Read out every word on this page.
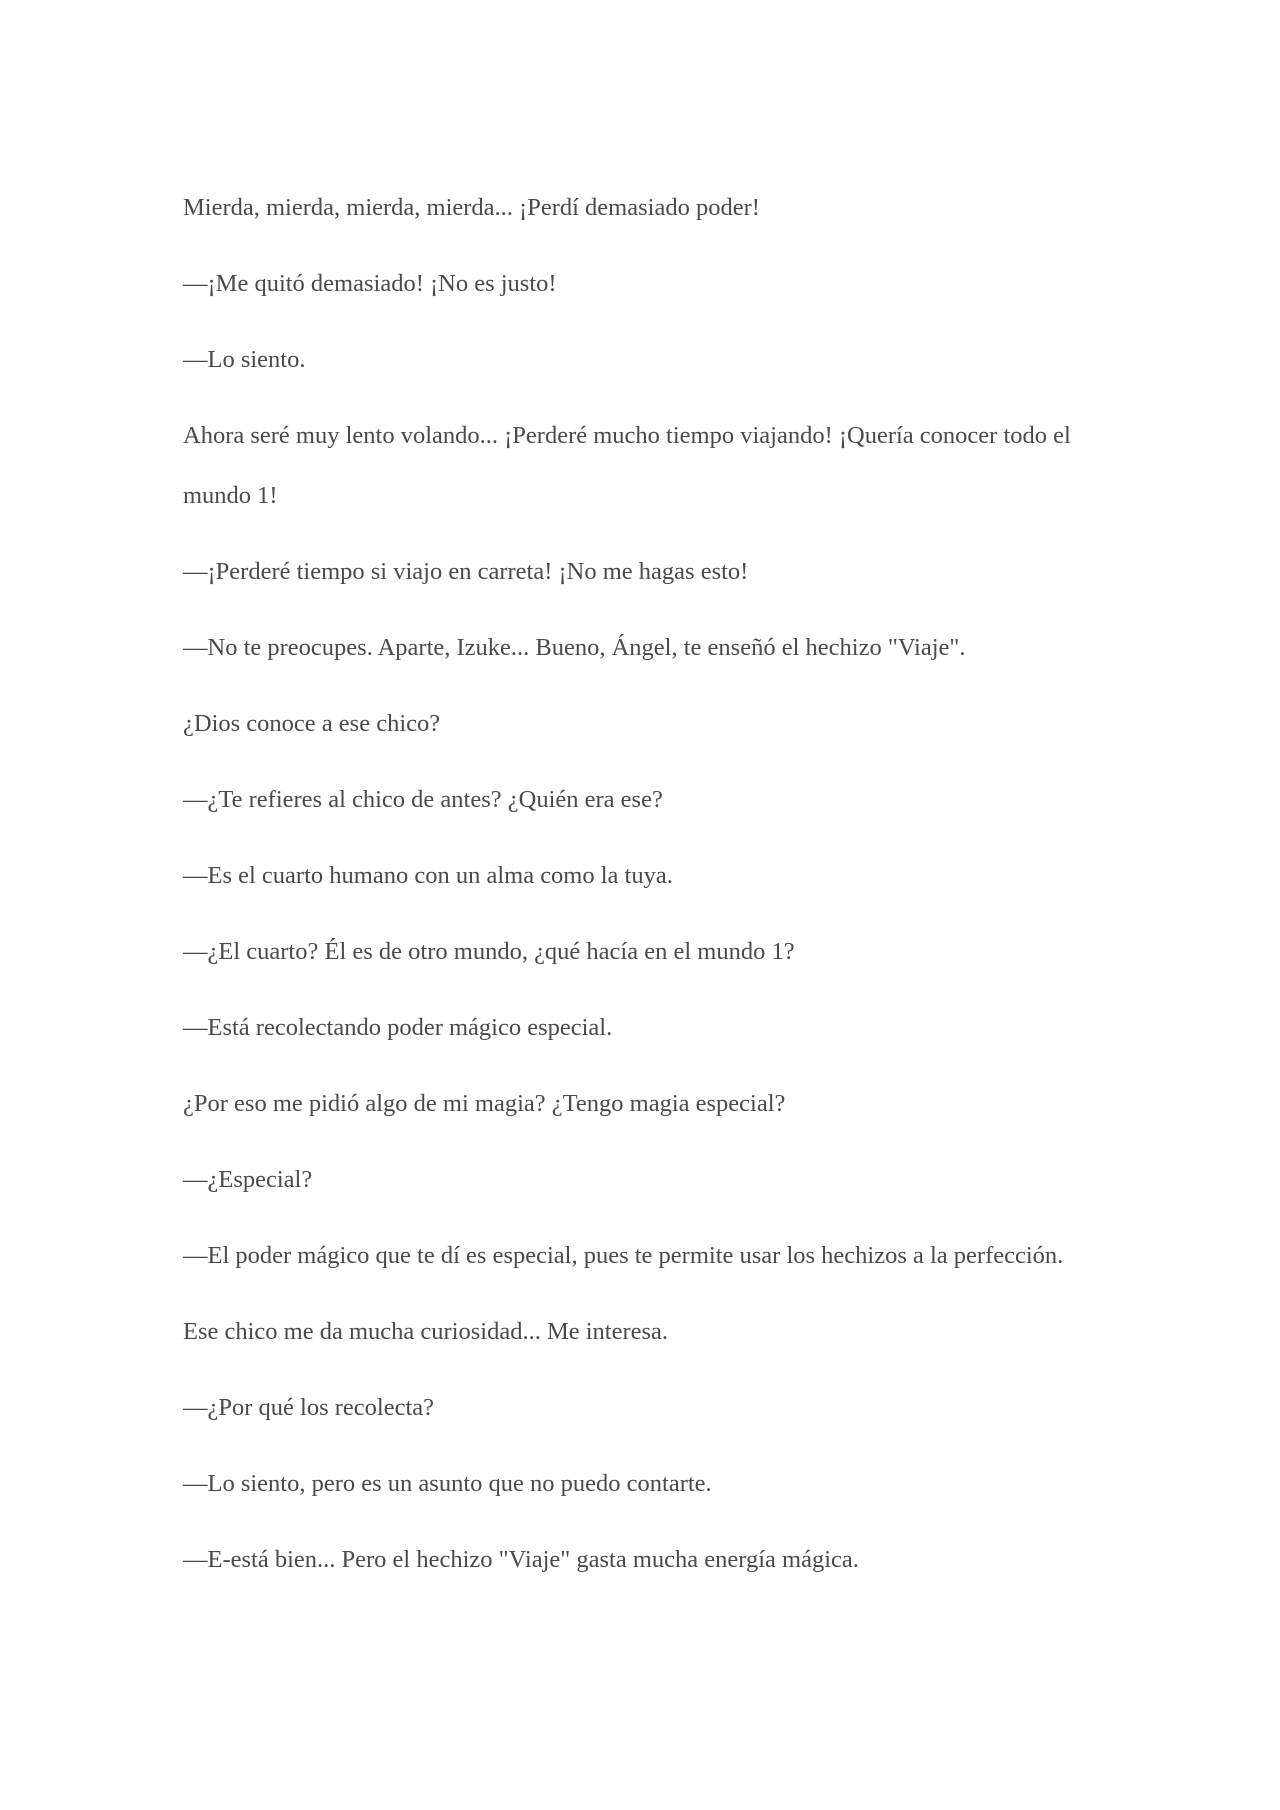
Mierda, mierda, mierda, mierda... ¡Perdí demasiado poder!

—¡Me quitó demasiado! ¡No es justo!

—Lo siento.

Ahora seré muy lento volando... ¡Perderé mucho tiempo viajando! ¡Quería conocer todo el mundo 1!

—¡Perderé tiempo si viajo en carreta! ¡No me hagas esto!

—No te preocupes. Aparte, Izuke... Bueno, Ángel, te enseñó el hechizo "Viaje".

¿Dios conoce a ese chico?

—¿Te refieres al chico de antes? ¿Quién era ese?

—Es el cuarto humano con un alma como la tuya.

—¿El cuarto? Él es de otro mundo, ¿qué hacía en el mundo 1?

—Está recolectando poder mágico especial.

¿Por eso me pidió algo de mi magia? ¿Tengo magia especial?

—¿Especial?

—El poder mágico que te dí es especial, pues te permite usar los hechizos a la perfección.

Ese chico me da mucha curiosidad... Me interesa.

—¿Por qué los recolecta?

—Lo siento, pero es un asunto que no puedo contarte.

—E-está bien... Pero el hechizo "Viaje" gasta mucha energía mágica.
